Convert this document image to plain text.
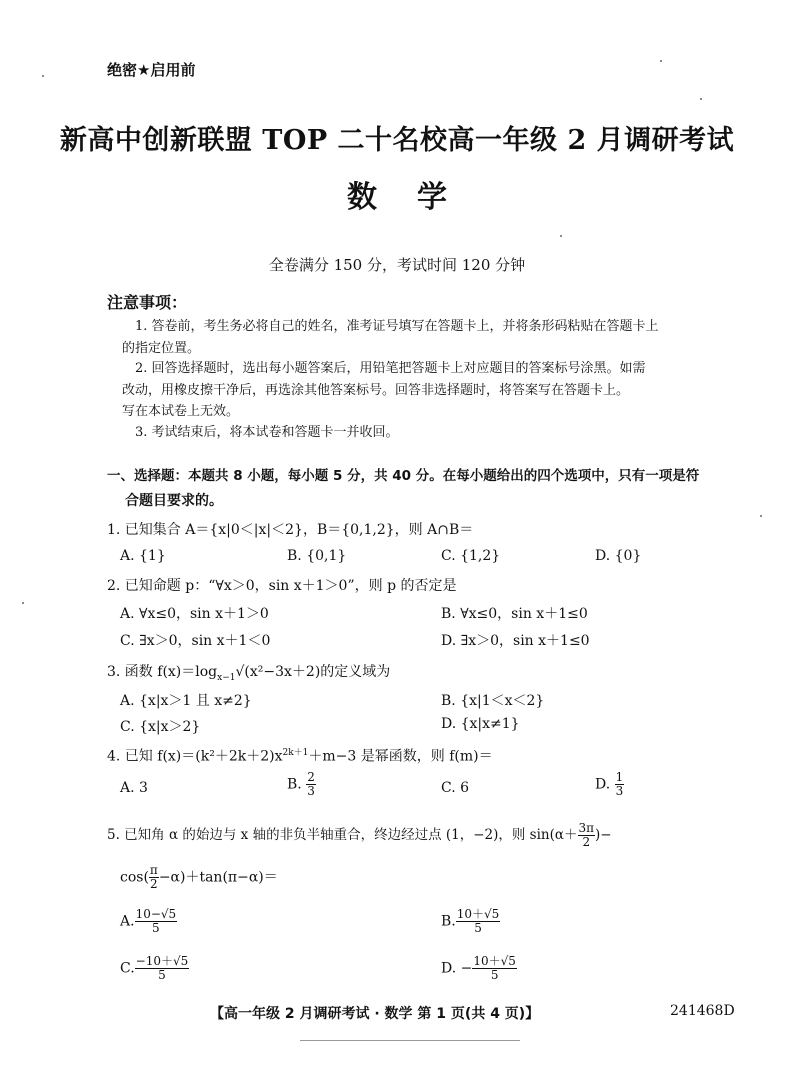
绝密★启用前
新高中创新联盟 TOP 二十名校高一年级 2 月调研考试
数学
全卷满分 150 分，考试时间 120 分钟
注意事项：
1. 答卷前，考生务必将自己的姓名，准考证号填写在答题卡上，并将条形码粘贴在答题卡上
的指定位置。
2. 回答选择题时，选出每小题答案后，用铅笔把答题卡上对应题目的答案标号涂黑。如需
改动，用橡皮擦干净后，再选涂其他答案标号。回答非选择题时，将答案写在答题卡上。
写在本试卷上无效。
3. 考试结束后，将本试卷和答题卡一并收回。
一、选择题：本题共 8 小题，每小题 5 分，共 40 分。在每小题给出的四个选项中，只有一项是符
合题目要求的。
1. 已知集合 A＝{x|0＜|x|＜2}，B＝{0,1,2}，则 A∩B＝
A. {1}	B. {0,1}	C. {1,2}	D. {0}
2. 已知命题 p：“∀x＞0，sin x＋1＞0”，则 p 的否定是
A. ∀x≤0，sin x＋1＞0	B. ∀x≤0，sin x＋1≤0
C. ∃x＞0，sin x＋1＜0	D. ∃x＞0，sin x＋1≤0
3. 函数 $f(x)=\log_{x-1}√(x^2-3x+2)$的定义域为
A. {x|x＞1 且 x≠2}	B. {x|1＜x＜2}
C. {x|x＞2}	D. {x|x≠1}
4. 已知 $f(x)=(k^2+2k+2)x^{2k+1}+m-3$ 是幂函数，则 f(m)＝
A. 3	B. $\frac{2}{3}$	C. 6	D. $\frac{1}{3}$
5. 已知角 α 的始边与 x 轴的非负半轴重合，终边经过点 (1，−2)，则 $\sin(\alpha+ \frac{3\pi}{2}$ )−
$\cos( \frac{\pi}{2} -\alpha)+\tan(\pi-\alpha)=$
A. $\frac{10-√5}{5}$	B. $\frac{10+√5}{5}$
C. $\frac{-10+√5}{5}$	D. − $\frac{10+√5}{5}$
【高一年级 2 月调研考试 · 数学 第 1 页(共 4 页)】	241468D
